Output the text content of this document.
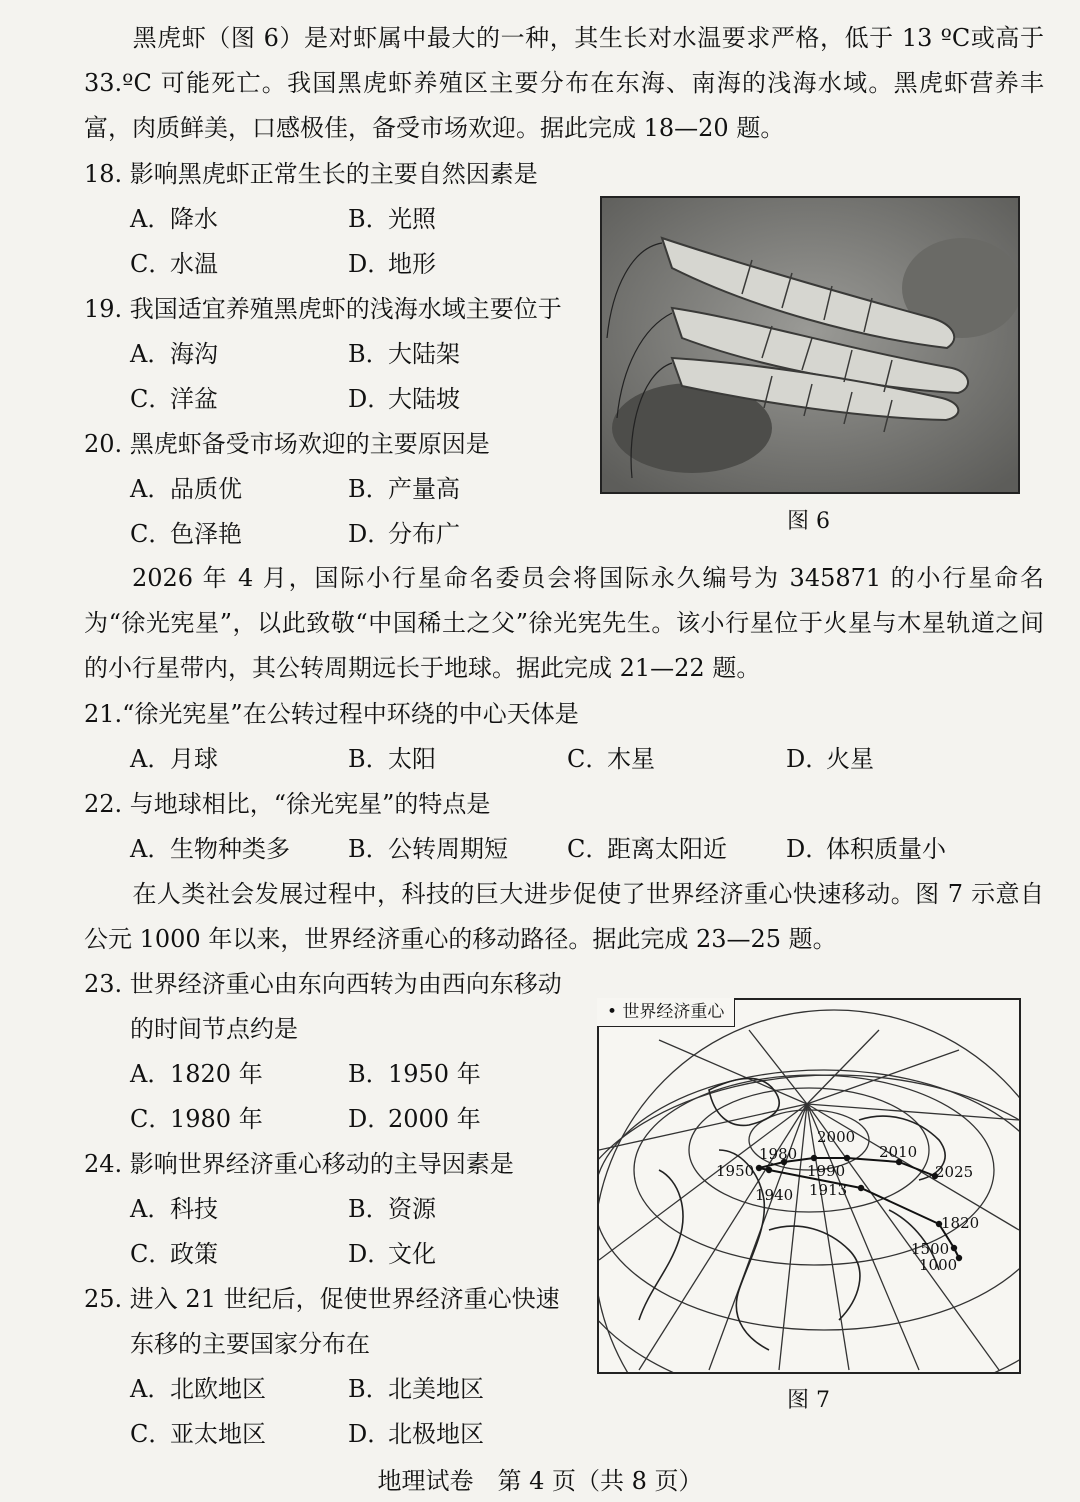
黑虎虾（图 6）是对虾属中最大的一种，其生长对水温要求严格，低于 13 ºC或高于 33.ºC 可能死亡。我国黑虎虾养殖区主要分布在东海、南海的浅海水域。黑虎虾营养丰富，肉质鲜美，口感极佳，备受市场欢迎。据此完成 18—20 题。
18. 影响黑虎虾正常生长的主要自然因素是
A．降水	B．光照
C．水温	D．地形
19. 我国适宜养殖黑虎虾的浅海水域主要位于
A．海沟	B．大陆架
C．洋盆	D．大陆坡
20. 黑虎虾备受市场欢迎的主要原因是
A．品质优	B．产量高
C．色泽艳	D．分布广	图 6
2026 年 4 月，国际小行星命名委员会将国际永久编号为 345871 的小行星命名为“徐光宪星”，以此致敬“中国稀土之父”徐光宪先生。该小行星位于火星与木星轨道之间的小行星带内，其公转周期远长于地球。据此完成 21—22 题。
21.“徐光宪星”在公转过程中环绕的中心天体是
A．月球	B．太阳	C．木星	D．火星
22. 与地球相比，“徐光宪星”的特点是
A．生物种类多 B．公转周期短 C．距离太阳近 D．体积质量小
在人类社会发展过程中，科技的巨大进步促使了世界经济重心快速移动。图 7 示意自公元 1000 年以来，世界经济重心的移动路径。据此完成 23—25 题。
23. 世界经济重心由东向西转为由西向东移动
的时间节点约是
A．1820 年	B．1950 年
C．1980 年	D．2000 年
24. 影响世界经济重心移动的主导因素是
A．科技	B．资源
C．政策	D．文化
25. 进入 21 世纪后，促使世界经济重心快速
东移的主要国家分布在
A．北欧地区	B．北美地区
C．亚太地区	D．北极地区
2000
1980	2010
1950	1990	2025
1940 1913
1820
1500
1000
• 世界经济重心
图 7
地理试卷　第 4 页（共 8 页）
